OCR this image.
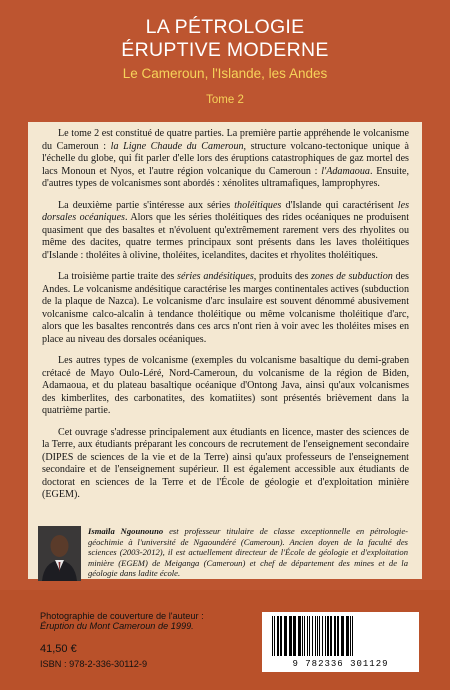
LA PÉTROLOGIE
ÉRUPTIVE MODERNE
Le Cameroun, l'Islande, les Andes
Tome 2

Le tome 2 est constitué de quatre parties. La première partie appréhende le volcanisme du Cameroun : la Ligne Chaude du Cameroun, structure volcano-tectonique unique à l'échelle du globe, qui fit parler d'elle lors des éruptions catastrophiques de gaz mortel des lacs Monoun et Nyos, et l'autre région volcanique du Cameroun : l'Adamaoua. Ensuite, d'autres types de volcanismes sont abordés : xénolites ultramafiques, lamprophyres.

La deuxième partie s'intéresse aux séries tholéitiques d'Islande qui caractérisent les dorsales océaniques. Alors que les séries tholéitiques des rides océaniques ne produisent quasiment que des basaltes et n'évoluent qu'extrêmement rarement vers des rhyolites ou même des dacites, quatre termes principaux sont présents dans les laves tholéitiques d'Islande : tholéites à olivine, tholéites, icelandites, dacites et rhyolites tholéitiques.

La troisième partie traite des séries andésitiques, produits des zones de subduction des Andes. Le volcanisme andésitique caractérise les marges continentales actives (subduction de la plaque de Nazca). Le volcanisme d'arc insulaire est souvent dénommé abusivement volcanisme calco-alcalin à tendance tholéitique ou même volcanisme tholéitique d'arc, alors que les basaltes rencontrés dans ces arcs n'ont rien à voir avec les tholéites mises en place au niveau des dorsales océaniques.

Les autres types de volcanisme (exemples du volcanisme basaltique du demi-graben crétacé de Mayo Oulo-Léré, Nord-Cameroun, du volcanisme de la région de Biden, Adamaoua, et du plateau basaltique océanique d'Ontong Java, ainsi qu'aux volcanismes des kimberlites, des carbonatites, des komatiites) sont présentés brièvement dans la quatrième partie.

Cet ouvrage s'adresse principalement aux étudiants en licence, master des sciences de la Terre, aux étudiants préparant les concours de recrutement de l'enseignement secondaire (DIPES de sciences de la vie et de la Terre) ainsi qu'aux professeurs de l'enseignement secondaire et de l'enseignement supérieur. Il est également accessible aux étudiants de doctorat en sciences de la Terre et de l'École de géologie et d'exploitation minière (EGEM).

Ismaïla Ngounouno est professeur titulaire de classe exceptionnelle en pétrologie-géochimie à l'université de Ngaoundéré (Cameroun). Ancien doyen de la faculté des sciences (2003-2012), il est actuellement directeur de l'École de géologie et d'exploitation minière (EGEM) de Meiganga (Cameroun) et chef de département des mines et de la géologie dans ladite école.
Photographie de couverture de l'auteur :
Éruption du Mont Cameroun de 1999.
41,50 €
ISBN : 978-2-336-30112-9	9 782336 301129
